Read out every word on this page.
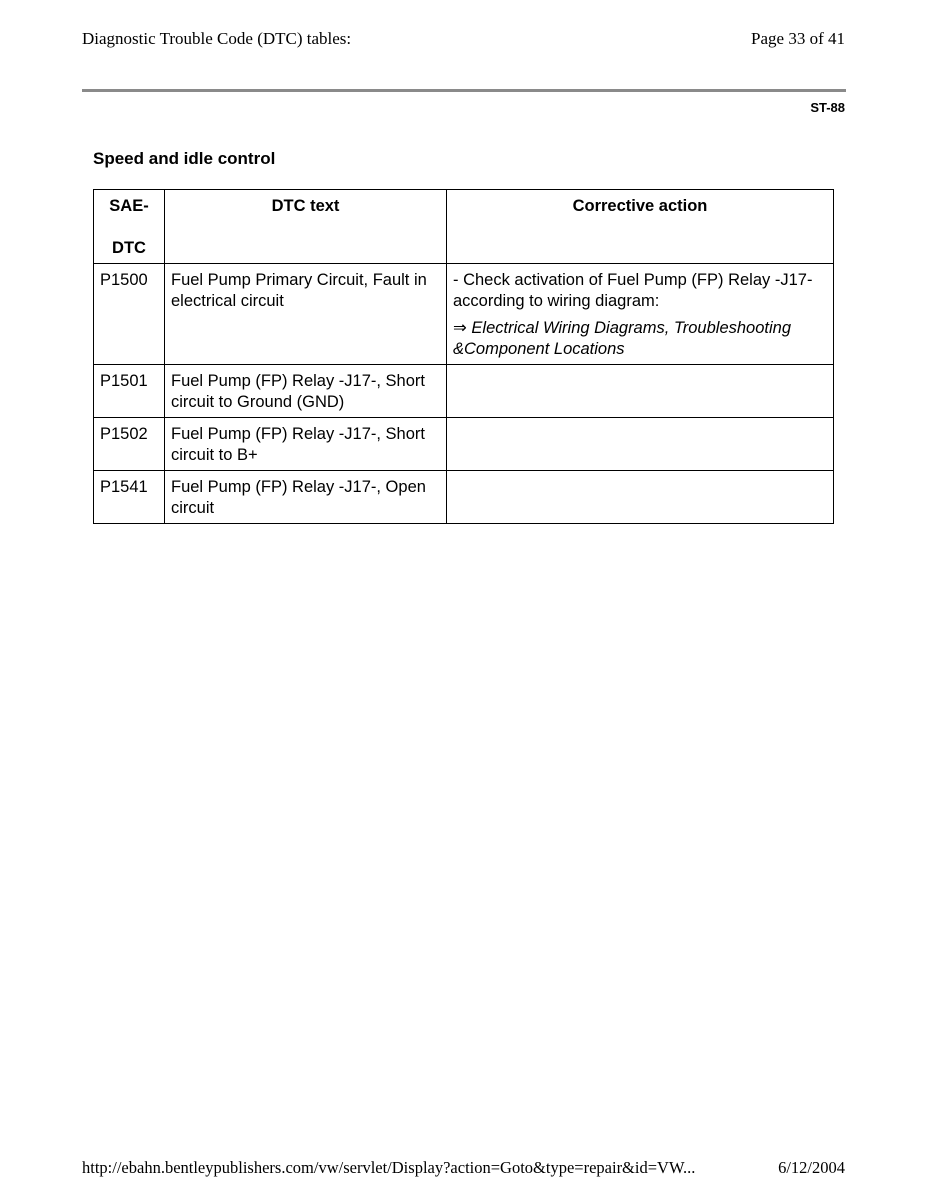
Diagnostic Trouble Code (DTC) tables:	Page 33 of 41
ST-88
Speed and idle control
SAE-
DTC	DTC text	Corrective action
P1500	Fuel Pump Primary Circuit, Fault in electrical circuit	- Check activation of Fuel Pump (FP) Relay -J17- according to wiring diagram:
⇒ Electrical Wiring Diagrams, Troubleshooting &Component Locations

P1501	Fuel Pump (FP) Relay -J17-, Short circuit to Ground (GND)	
P1502	Fuel Pump (FP) Relay -J17-, Short circuit to B+	
P1541	Fuel Pump (FP) Relay -J17-, Open circuit	
http://ebahn.bentleypublishers.com/vw/servlet/Display?action=Goto&type=repair&id=VW...	6/12/2004
